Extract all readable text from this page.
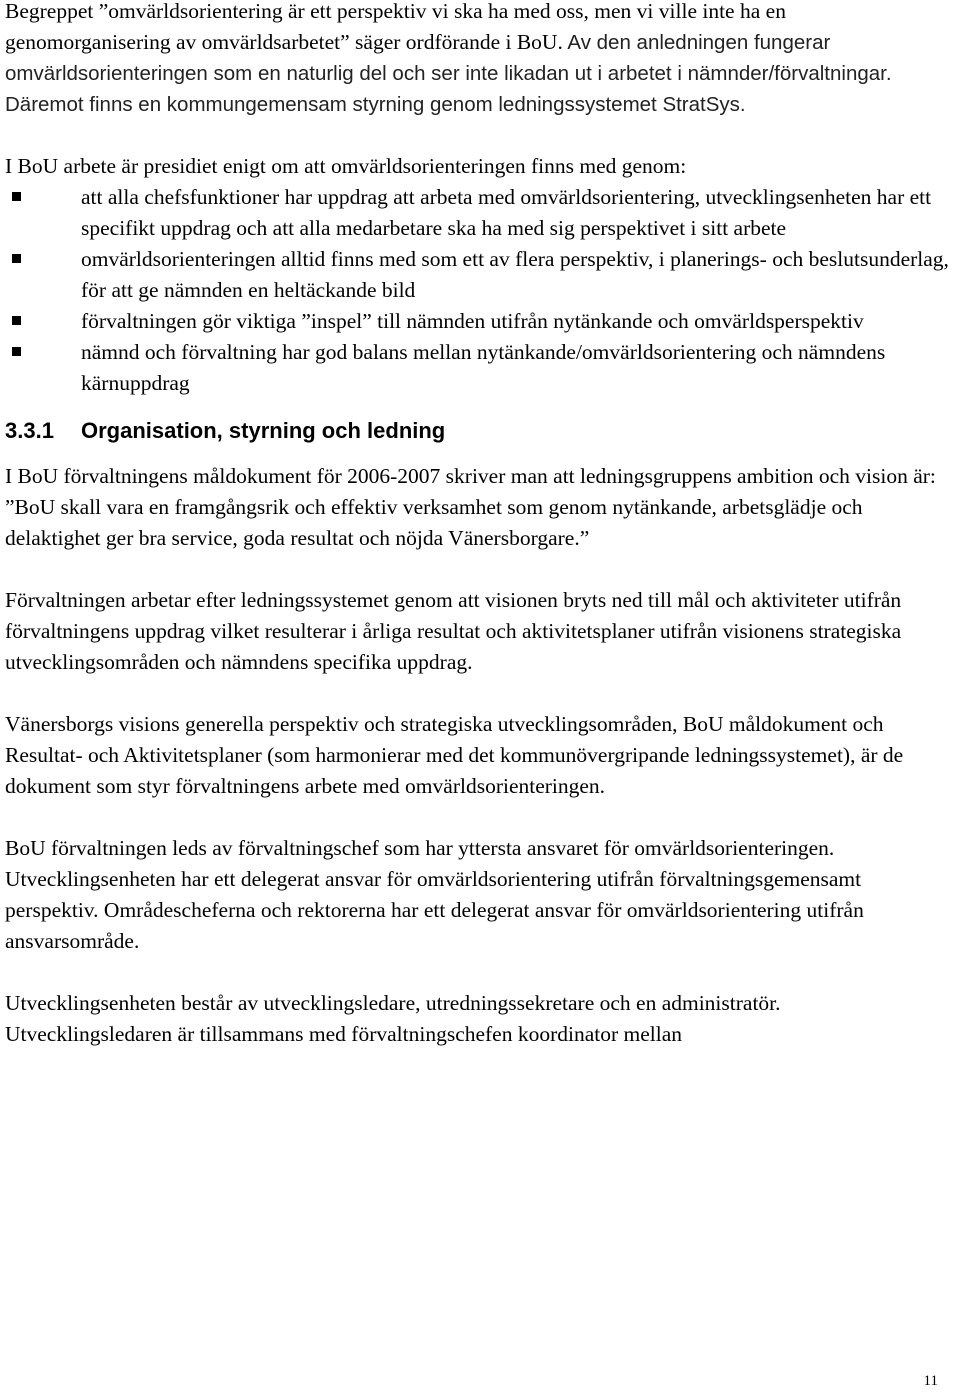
Begreppet ”omvärldsorientering är ett perspektiv vi ska ha med oss, men vi ville inte ha en genomorganisering av omvärldsarbetet” säger ordförande i BoU. Av den anledningen fungerar omvärldsorienteringen som en naturlig del och ser inte likadan ut i arbetet i nämnder/förvaltningar. Däremot finns en kommungemensam styrning genom ledningssystemet StratSys.

I BoU arbete är presidiet enigt om att omvärldsorienteringen finns med genom:

att alla chefsfunktioner har uppdrag att arbeta med omvärldsorientering, utvecklingsenheten har ett specifikt uppdrag och att alla medarbetare ska ha med sig perspektivet i sitt arbete
omvärldsorienteringen alltid finns med som ett av flera perspektiv, i planerings- och beslutsunderlag, för att ge nämnden en heltäckande bild
förvaltningen gör viktiga ”inspel” till nämnden utifrån nytänkande och omvärldsperspektiv
nämnd och förvaltning har god balans mellan nytänkande/omvärldsorientering och nämndens kärnuppdrag
3.3.1 Organisation, styrning och ledning

I BoU förvaltningens måldokument för 2006-2007 skriver man att ledningsgruppens ambition och vision är:

”BoU skall vara en framgångsrik och effektiv verksamhet som genom nytänkande, arbetsglädje och delaktighet ger bra service, goda resultat och nöjda Vänersborgare.”

Förvaltningen arbetar efter ledningssystemet genom att visionen bryts ned till mål och aktiviteter utifrån förvaltningens uppdrag vilket resulterar i årliga resultat och aktivitetsplaner utifrån visionens strategiska utvecklingsområden och nämndens specifika uppdrag.

Vänersborgs visions generella perspektiv och strategiska utvecklingsområden, BoU måldokument och Resultat- och Aktivitetsplaner (som harmonierar med det kommunövergripande ledningssystemet), är de dokument som styr förvaltningens arbete med omvärldsorienteringen.

BoU förvaltningen leds av förvaltningschef som har yttersta ansvaret för omvärldsorienteringen. Utvecklingsenheten har ett delegerat ansvar för omvärldsorientering utifrån förvaltningsgemensamt perspektiv. Områdescheferna och rektorerna har ett delegerat ansvar för omvärldsorientering utifrån ansvarsområde.

Utvecklingsenheten består av utvecklingsledare, utredningssekretare och en administratör. Utvecklingsledaren är tillsammans med förvaltningschefen koordinator mellan

11
